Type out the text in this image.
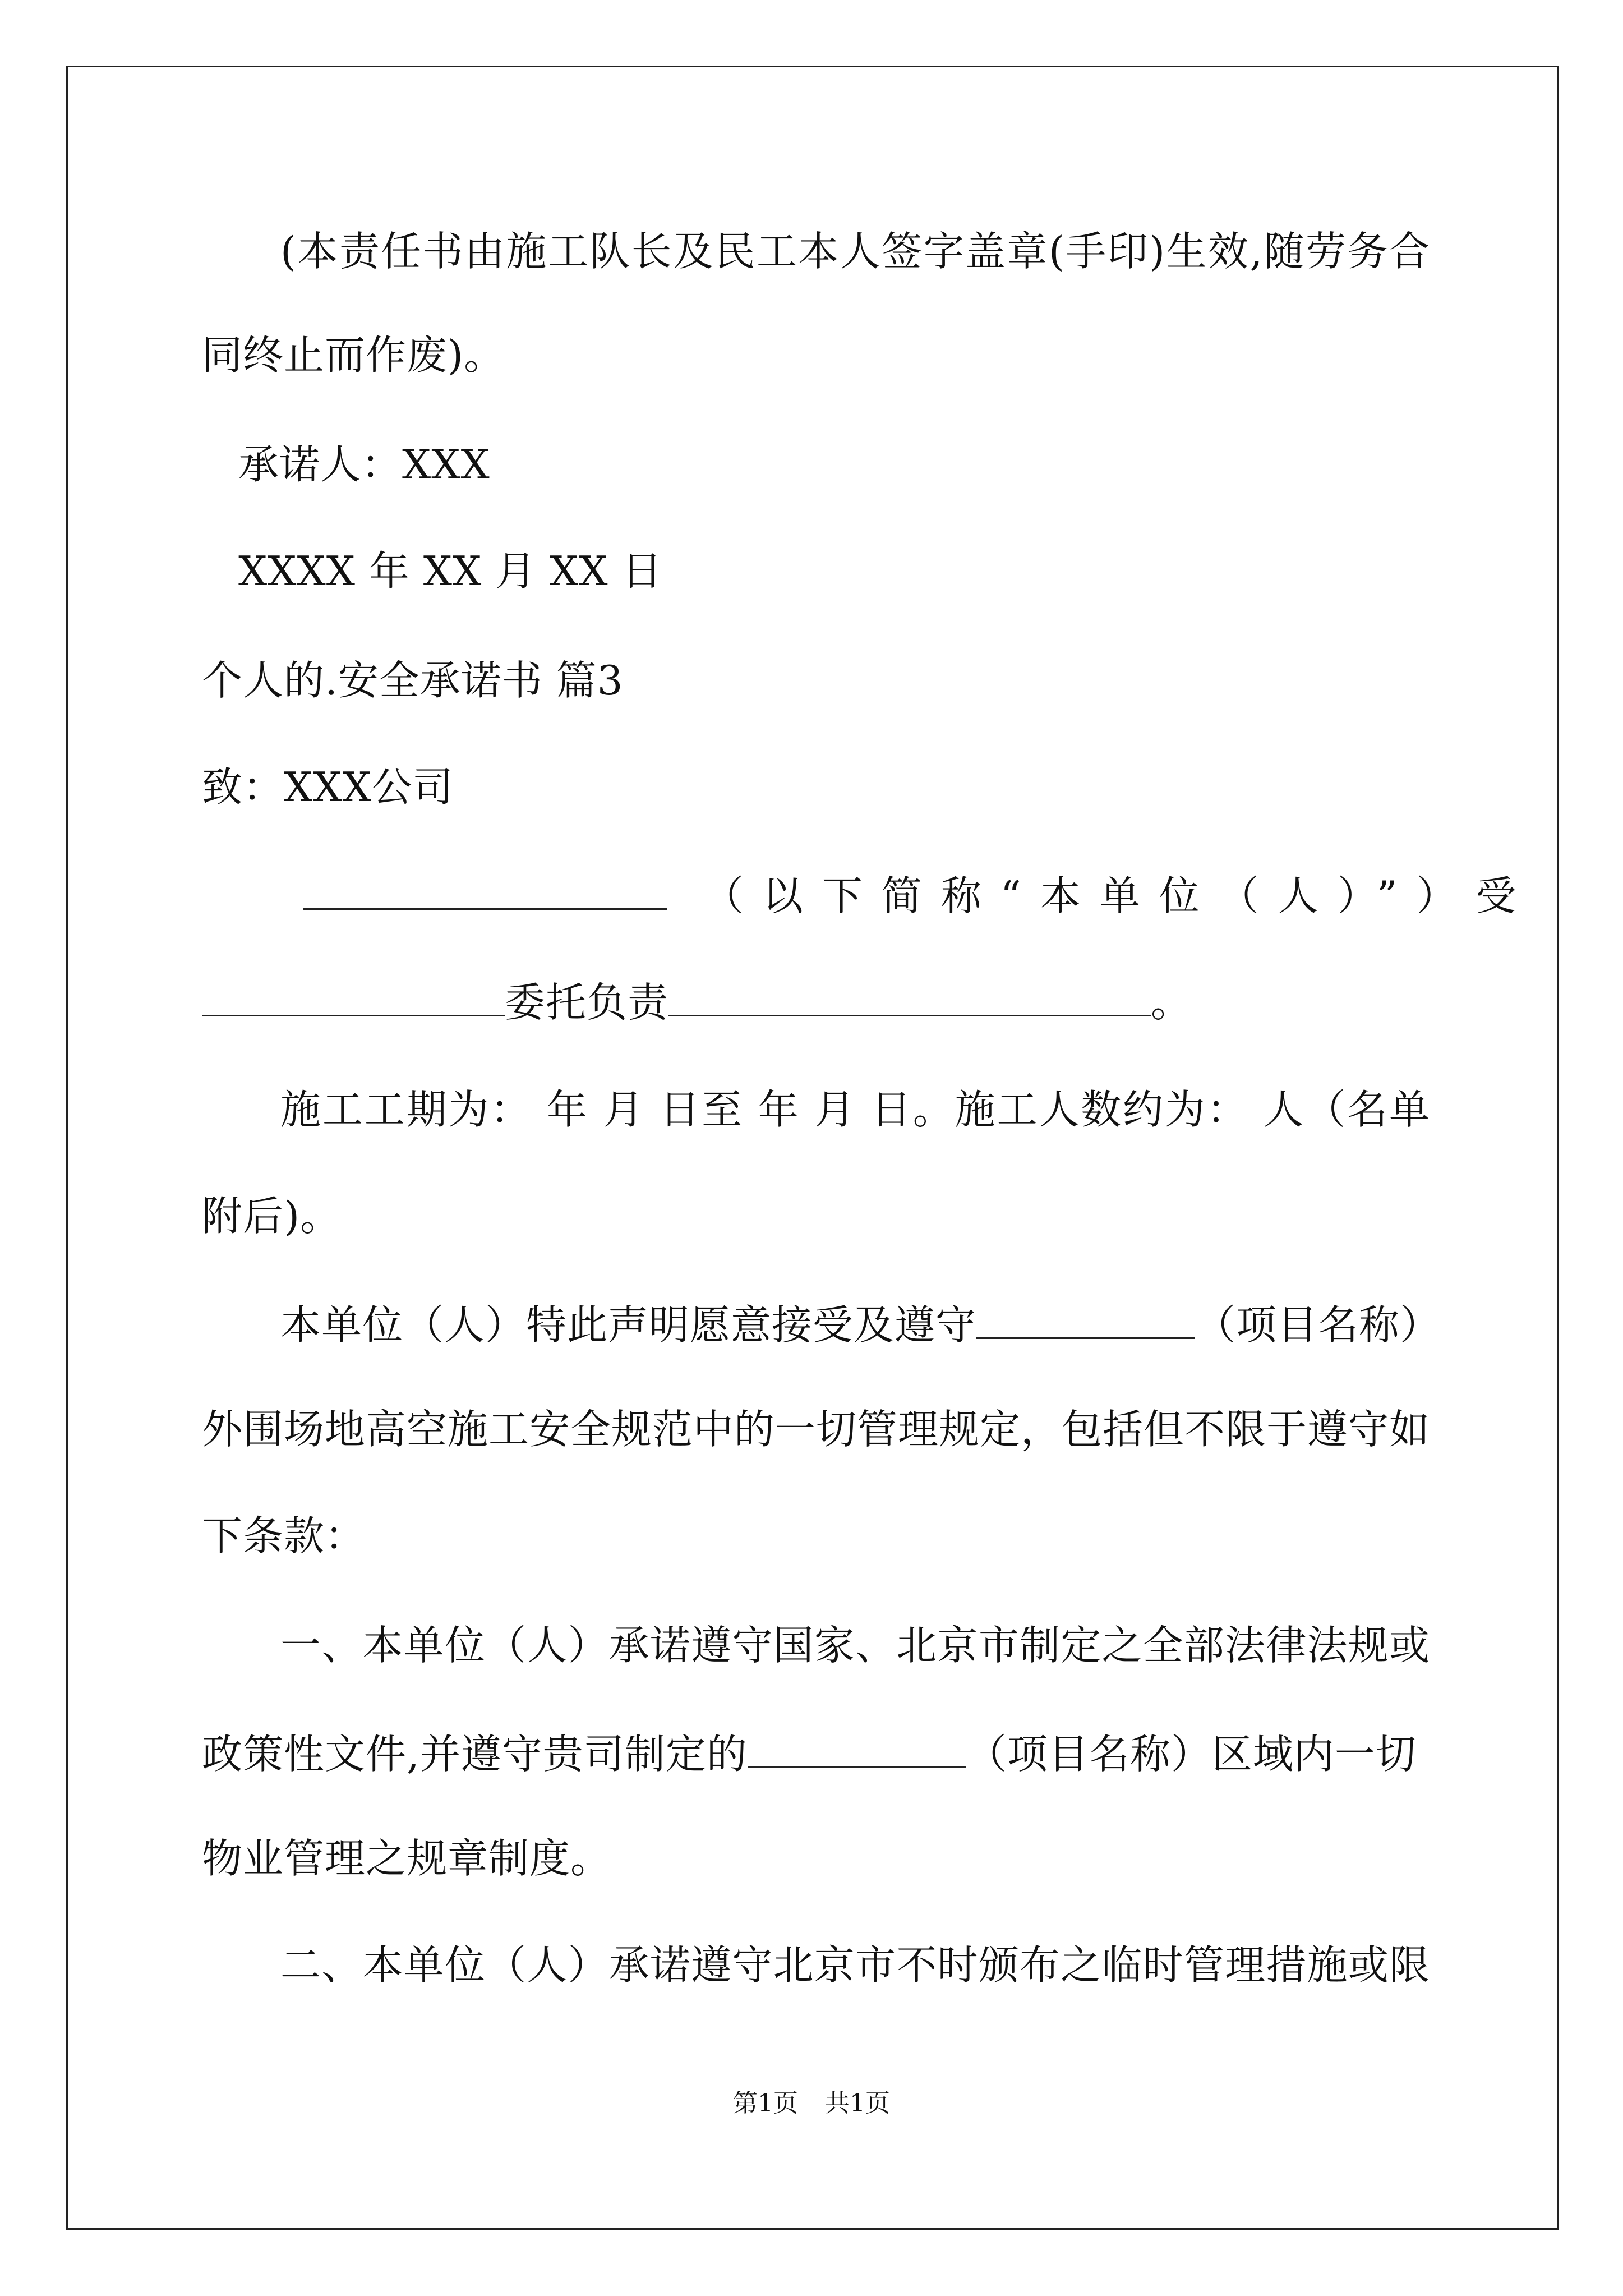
(本责任书由施工队长及民工本人签字盖章(手印)生效,随劳务合
同终止而作废)。
承诺人：XXX
XXXX 年 XX 月 XX 日
个人的.安全承诺书 篇3
致：XXX公司
（以下简称“本单位（人）”）受
委托负责	。
施工工期为： 年 月 日至 年 月 日。施工人数约为： 人（名单
附后)。
本单位（人）特此声明愿意接受及遵守	（项目名称）
外围场地高空施工安全规范中的一切管理规定，包括但不限于遵守如
下条款：
一、本单位（人）承诺遵守国家、北京市制定之全部法律法规或
政策性文件,并遵守贵司制定的	（项目名称）区域内一切
物业管理之规章制度。
二、本单位（人）承诺遵守北京市不时颁布之临时管理措施或限
第1页 共1页
